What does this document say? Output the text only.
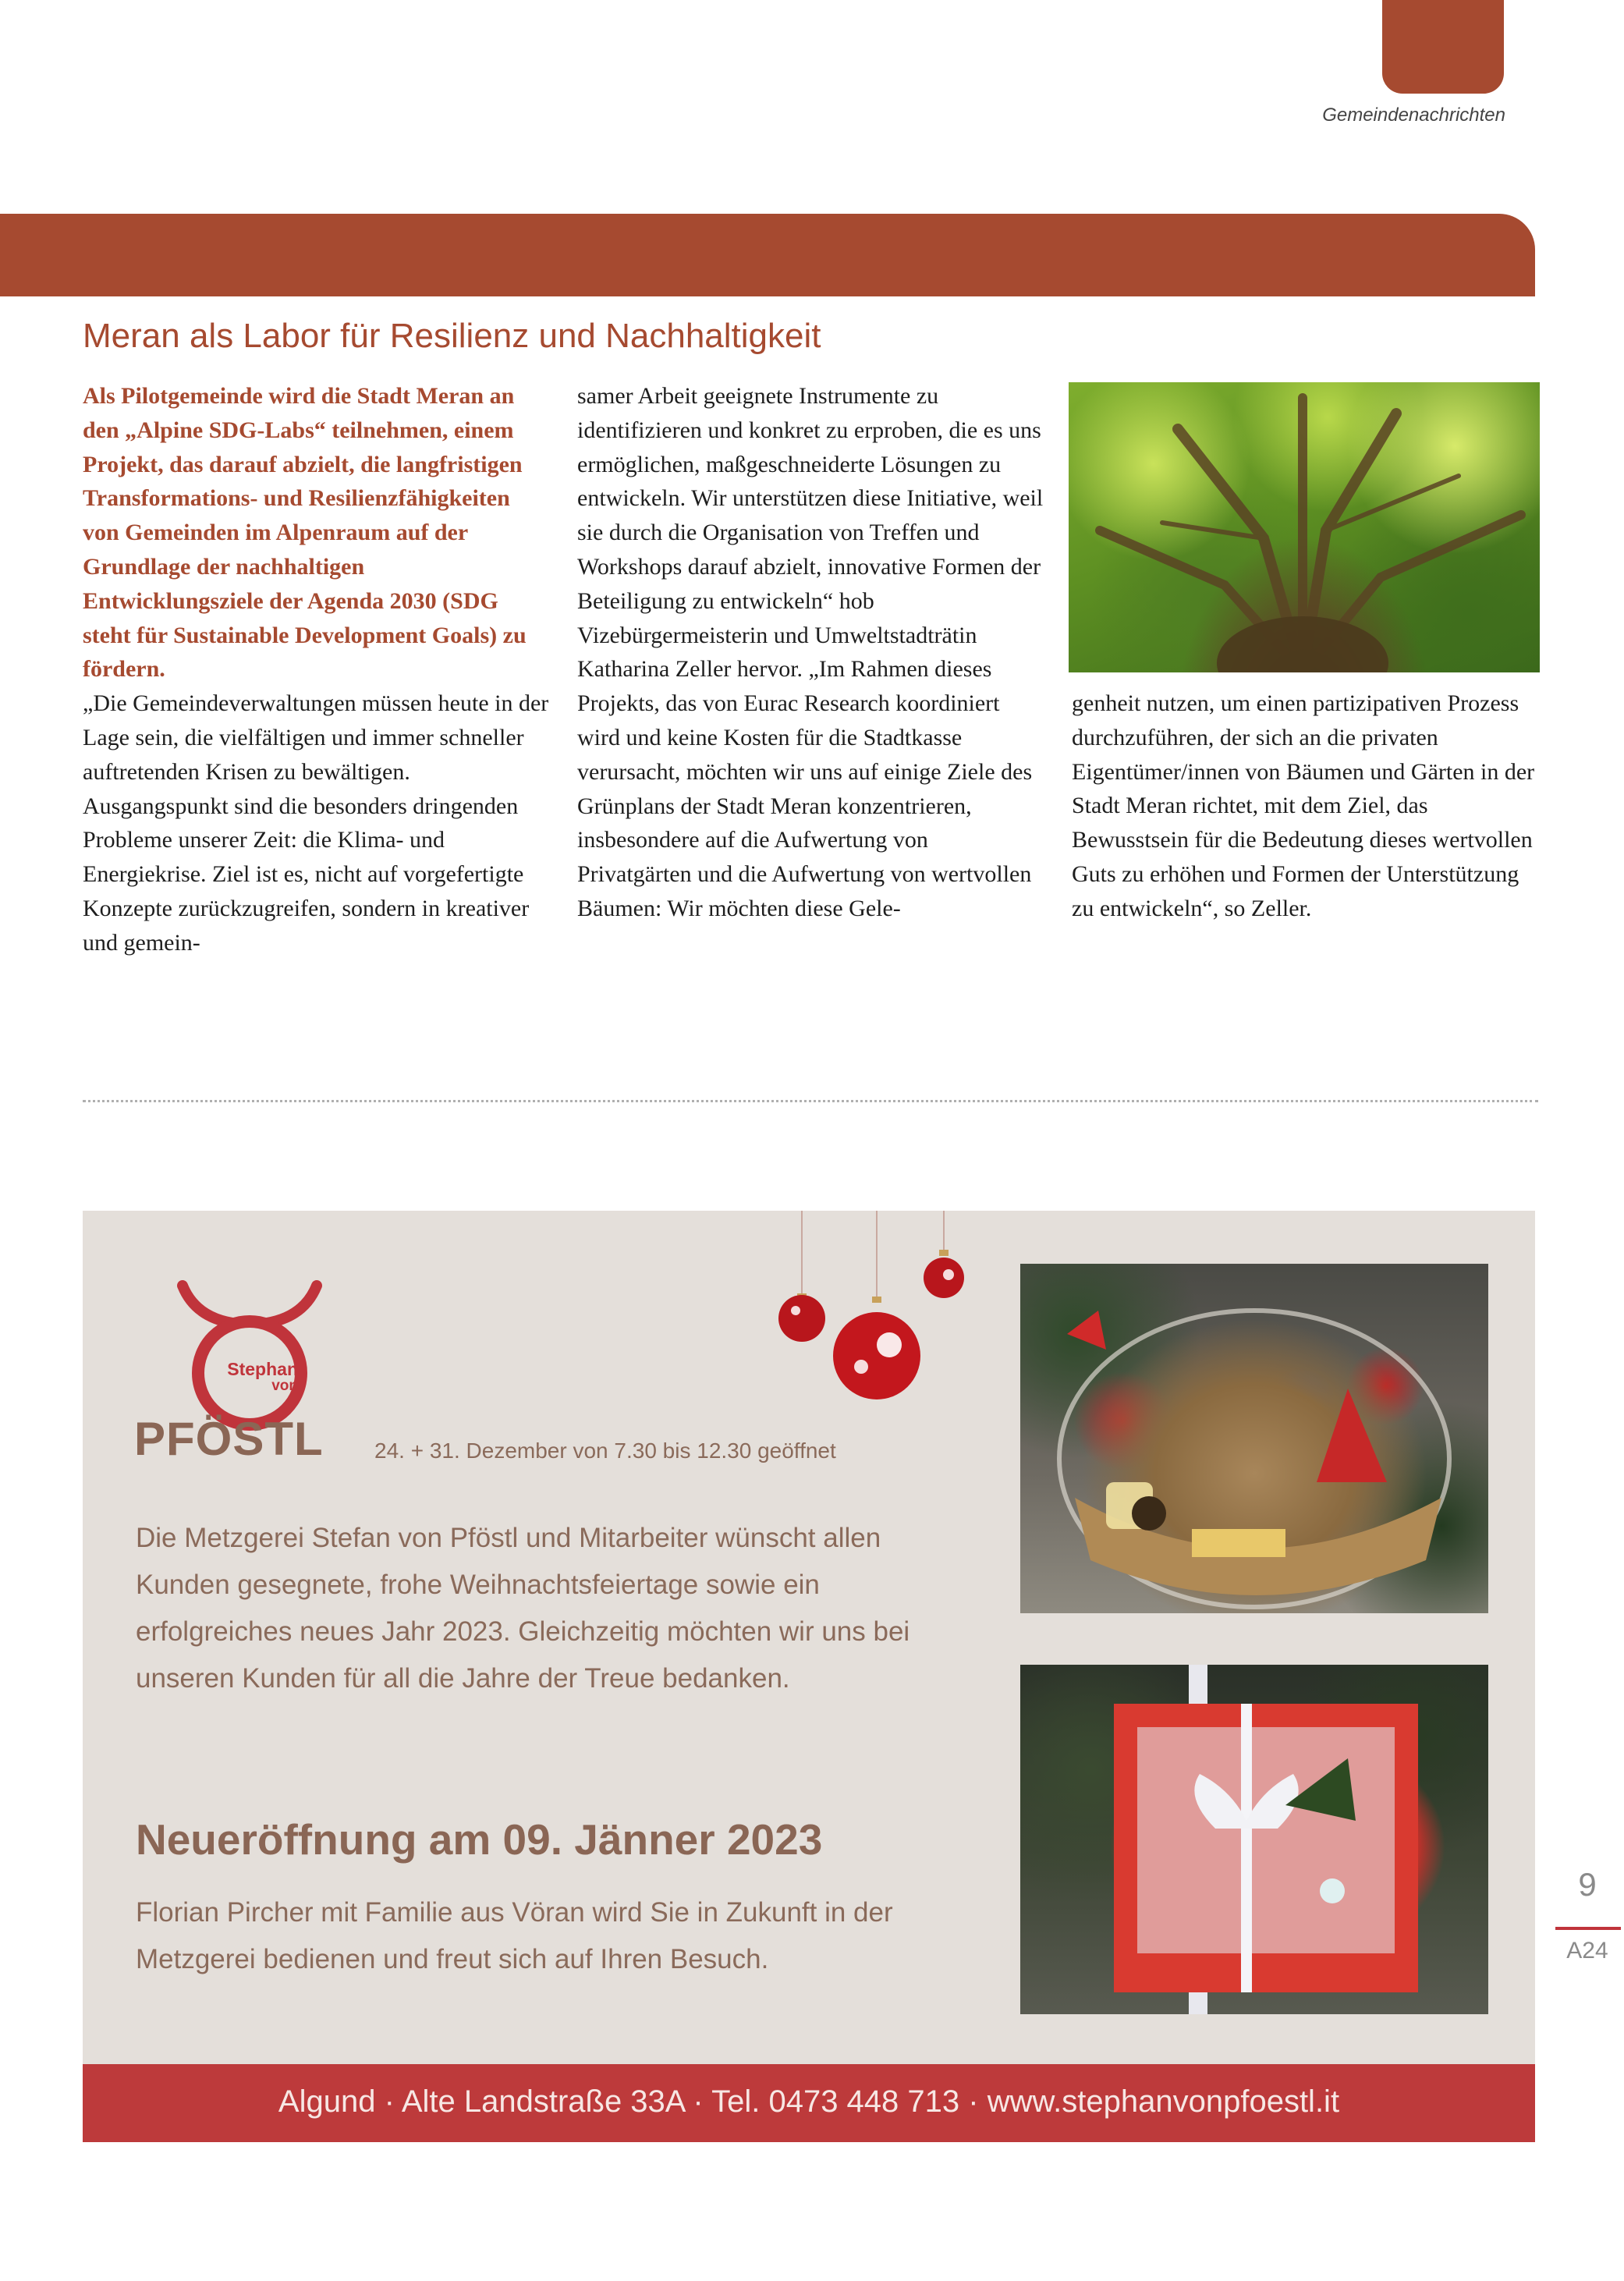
Gemeindenachrichten
Meran als Labor für Resilienz und Nachhaltigkeit

Als Pilotgemeinde wird die Stadt Meran an den „Alpine SDG-Labs“ teilnehmen, einem Projekt, das darauf abzielt, die langfristigen Transformations- und Resilienzfähigkeiten von Gemeinden im Alpenraum auf der Grundlage der nachhaltigen Entwicklungsziele der Agenda 2030 (SDG steht für Sustainable Development Goals) zu fördern.

„Die Gemeindeverwaltungen müssen heute in der Lage sein, die vielfältigen und immer schneller auftretenden Krisen zu bewältigen. Ausgangspunkt sind die besonders dringenden Probleme unserer Zeit: die Klima- und Energiekrise. Ziel ist es, nicht auf vorgefertigte Konzepte zurückzugreifen, sondern in kreativer und gemein-

samer Arbeit geeignete Instrumente zu identifizieren und konkret zu erproben, die es uns ermöglichen, maßgeschneiderte Lösungen zu entwickeln. Wir unterstützen diese Initiative, weil sie durch die Organisation von Treffen und Workshops darauf abzielt, innovative Formen der Beteiligung zu entwickeln“ hob Vizebürgermeisterin und Umweltstadträtin Katharina Zeller hervor. „Im Rahmen dieses Projekts, das von Eurac Research koordiniert wird und keine Kosten für die Stadtkasse verursacht, möchten wir uns auf einige Ziele des Grünplans der Stadt Meran konzentrieren, insbesondere auf die Aufwertung von Privatgärten und die Aufwertung von wertvollen Bäumen: Wir möchten diese Gele-

genheit nutzen, um einen partizipativen Prozess durchzuführen, der sich an die privaten Eigentümer/innen von Bäumen und Gärten in der Stadt Meran richtet, mit dem Ziel, das Bewusstsein für die Bedeutung dieses wertvollen Guts zu erhöhen und Formen der Unterstützung zu entwickeln“, so Zeller.

Stephan
von
PFÖSTL 24. + 31. Dezember von 7.30 bis 12.30 geöffnet
Die Metzgerei Stefan von Pföstl und Mitarbeiter wünscht allen Kunden gesegnete, frohe Weihnachtsfeiertage sowie ein erfolgreiches neues Jahr 2023. Gleichzeitig möchten wir uns bei unseren Kunden für all die Jahre der Treue bedanken.
Neueröffnung am 09. Jänner 2023
Florian Pircher mit Familie aus Vöran wird Sie in Zukunft in der Metzgerei bedienen und freut sich auf Ihren Besuch.
Algund · Alte Landstraße 33A · Tel. 0473 448 713 · www.stephanvonpfoestl.it
9
A24
